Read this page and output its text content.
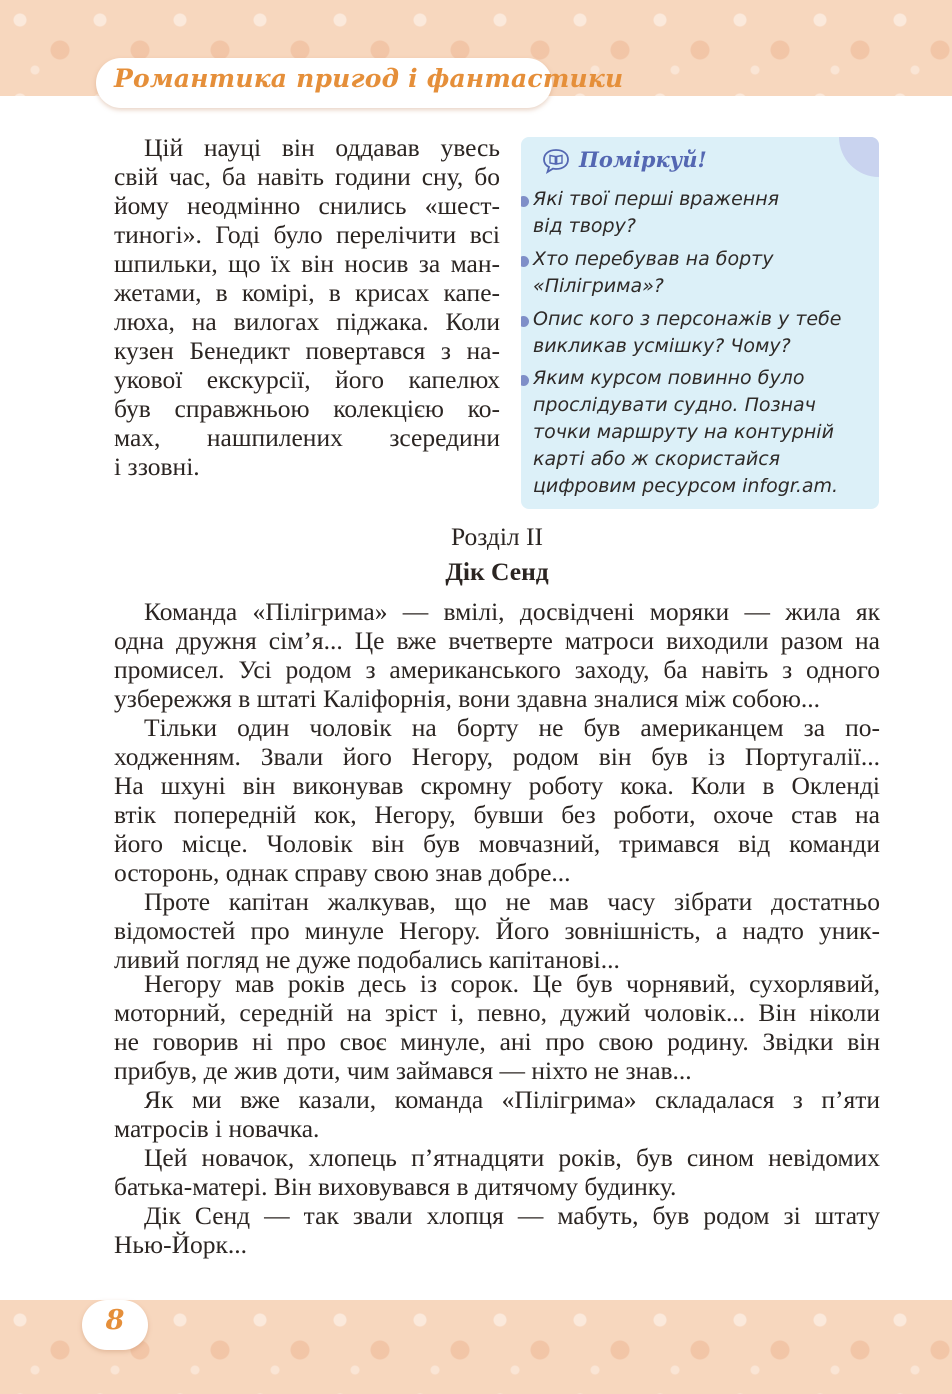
Романтика пригод і фантастики

Цій науці він оддавав увесь

свій час, ба навіть години сну, бо

йому неодмінно снились «шест-

тиногі». Годі було перелічити всі

шпильки, що їх він носив за ман-

жетами, в комірі, в крисах капе-

люха, на вилогах піджака. Коли

кузен Бенедикт повертався з на-

укової екскурсії, його капелюх

був справжньою колекцією ко-

мах, нашпилених зсередини

і ззовні.

Поміркуй!

Які твої перші враження

від твору?

Хто перебував на борту

«Пілігрима»?

Опис кого з персонажів у тебе

викликав усмішку? Чому?

Яким курсом повинно було

прослідувати судно. Познач

точки маршруту на контурній

карті або ж скористайся

цифровим ресурсом infogr.am.

Розділ II
Дік Сенд

Команда «Пілігрима» — вмілі, досвідчені моряки — жила як

одна дружня сім’я... Це вже вчетверте матроси виходили разом на

промисел. Усі родом з американського заходу, ба навіть з одного

узбережжя в штаті Каліфорнія, вони здавна зналися між собою...

Тільки один чоловік на борту не був американцем за по-

ходженням. Звали його Негору, родом він був із Португалії...

На шхуні він виконував скромну роботу кока. Коли в Окленді

втік попередній кок, Негору, бувши без роботи, охоче став на

його місце. Чоловік він був мовчазний, тримався від команди

осторонь, однак справу свою знав добре...

Проте капітан жалкував, що не мав часу зібрати достатньо

відомостей про минуле Негору. Його зовнішність, а надто уник-

ливий погляд не дуже подобались капітанові...

Негору мав років десь із сорок. Це був чорнявий, сухорлявий,

моторний, середній на зріст і, певно, дужий чоловік... Він ніколи

не говорив ні про своє минуле, ані про свою родину. Звідки він

прибув, де жив доти, чим займався — ніхто не знав...

Як ми вже казали, команда «Пілігрима» складалася з п’яти

матросів і новачка.

Цей новачок, хлопець п’ятнадцяти років, був сином невідомих

батька-матері. Він виховувався в дитячому будинку.

Дік Сенд — так звали хлопця — мабуть, був родом зі штату

Нью-Йорк...

8
